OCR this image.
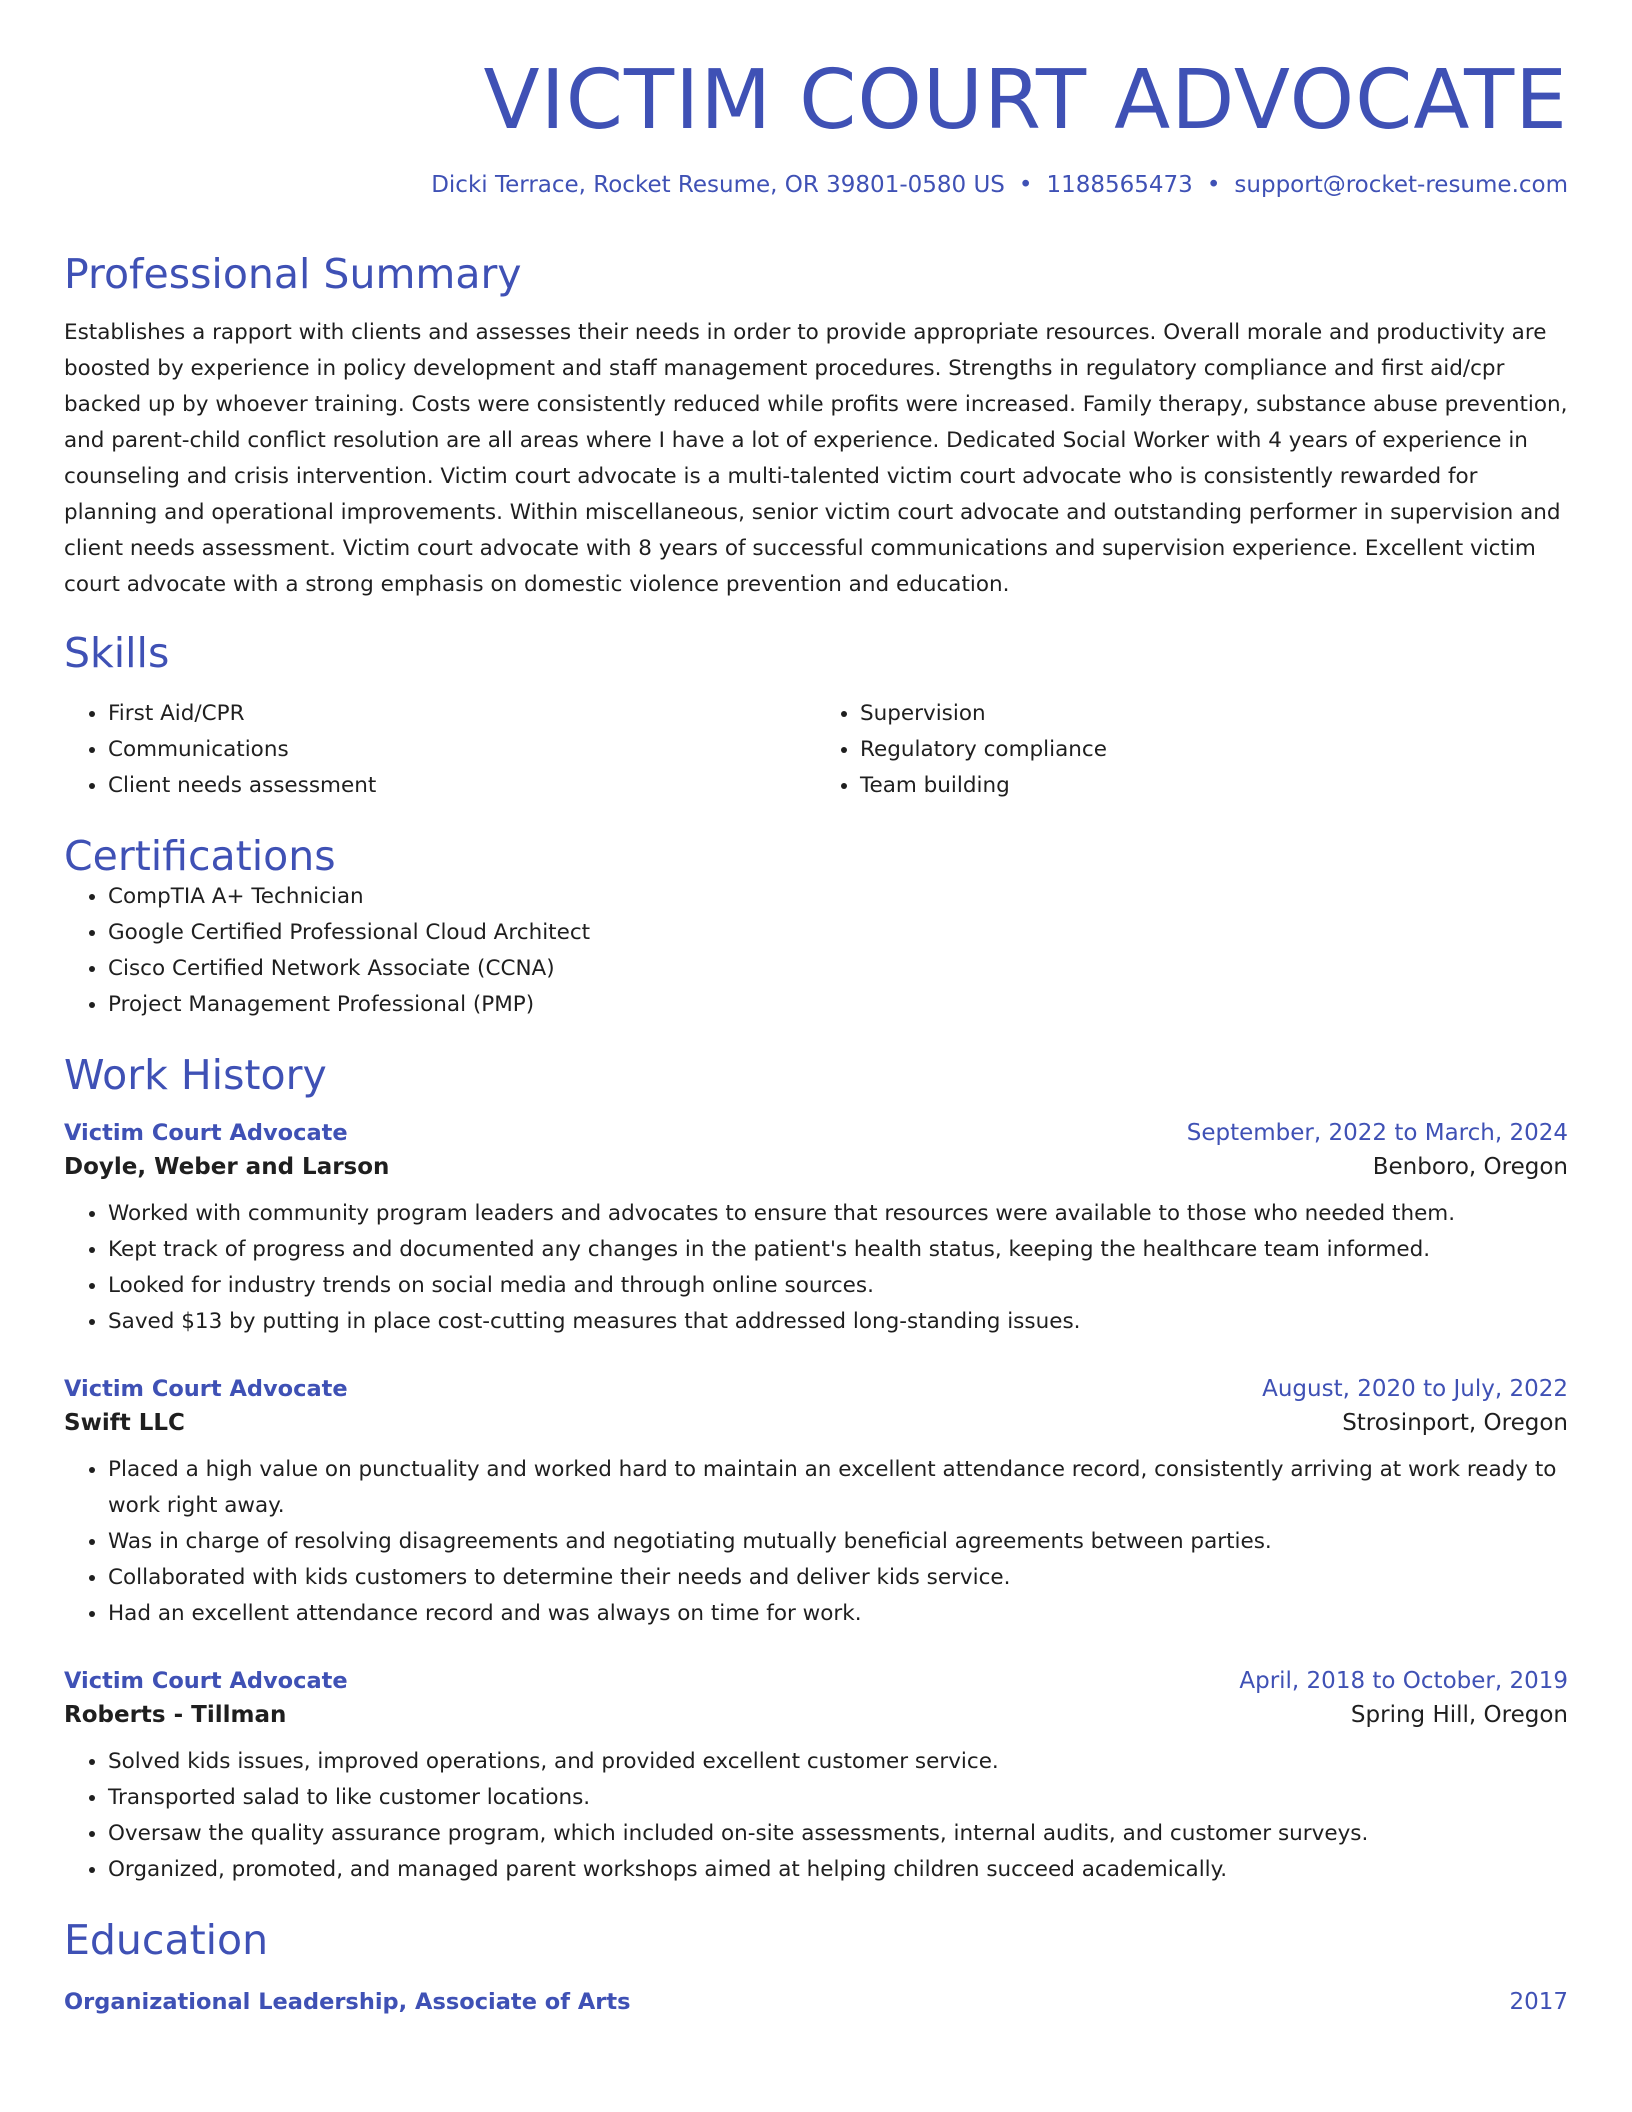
VICTIM COURT ADVOCATE
Dicki Terrace, Rocket Resume, OR 39801-0580 US • 1188565473 • support@rocket-resume.com
Professional Summary
Establishes a rapport with clients and assesses their needs in order to provide appropriate resources. Overall morale and productivity are boosted by experience in policy development and staff management procedures. Strengths in regulatory compliance and first aid/cpr backed up by whoever training. Costs were consistently reduced while profits were increased. Family therapy, substance abuse prevention, and parent-child conflict resolution are all areas where I have a lot of experience. Dedicated Social Worker with 4 years of experience in counseling and crisis intervention. Victim court advocate is a multi-talented victim court advocate who is consistently rewarded for planning and operational improvements. Within miscellaneous, senior victim court advocate and outstanding performer in supervision and client needs assessment. Victim court advocate with 8 years of successful communications and supervision experience. Excellent victim court advocate with a strong emphasis on domestic violence prevention and education.
Skills
• First Aid/CPR
• Communications
• Client needs assessment
• Supervision
• Regulatory compliance
• Team building
Certifications
• CompTIA A+ Technician
• Google Certified Professional Cloud Architect
• Cisco Certified Network Associate (CCNA)
• Project Management Professional (PMP)
Work History
Victim Court Advocate	September, 2022 to March, 2024
Doyle, Weber and Larson	Benboro, Oregon
• Worked with community program leaders and advocates to ensure that resources were available to those who needed them.
• Kept track of progress and documented any changes in the patient's health status, keeping the healthcare team informed.
• Looked for industry trends on social media and through online sources.
• Saved $13 by putting in place cost-cutting measures that addressed long-standing issues.
Victim Court Advocate	August, 2020 to July, 2022
Swift LLC	Strosinport, Oregon
• Placed a high value on punctuality and worked hard to maintain an excellent attendance record, consistently arriving at work ready to work right away.
• Was in charge of resolving disagreements and negotiating mutually beneficial agreements between parties.
• Collaborated with kids customers to determine their needs and deliver kids service.
• Had an excellent attendance record and was always on time for work.
Victim Court Advocate	April, 2018 to October, 2019
Roberts - Tillman	Spring Hill, Oregon
• Solved kids issues, improved operations, and provided excellent customer service.
• Transported salad to like customer locations.
• Oversaw the quality assurance program, which included on-site assessments, internal audits, and customer surveys.
• Organized, promoted, and managed parent workshops aimed at helping children succeed academically.
Education
Organizational Leadership, Associate of Arts	2017
